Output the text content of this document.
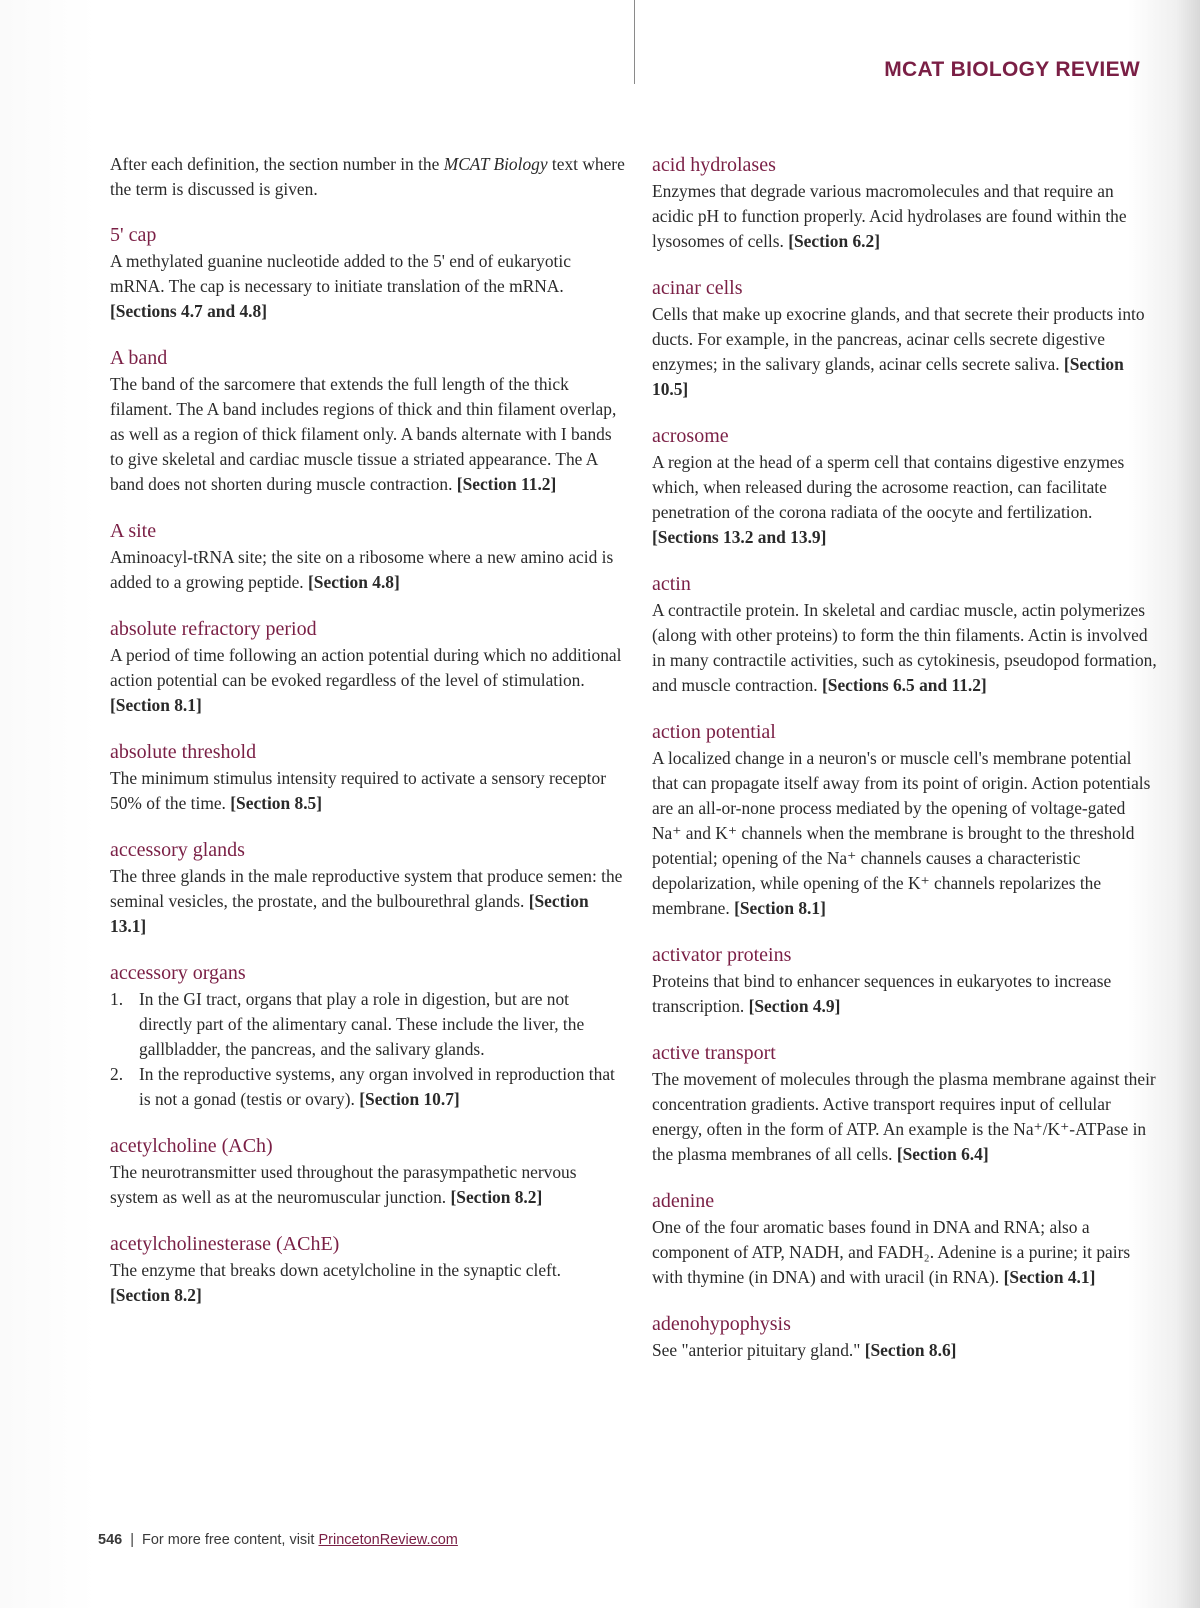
MCAT BIOLOGY REVIEW

After each definition, the section number in the MCAT Biology text where the term is discussed is given.

5' cap

A methylated guanine nucleotide added to the 5' end of eukaryotic mRNA. The cap is necessary to initiate translation of the mRNA. [Sections 4.7 and 4.8]

A band

The band of the sarcomere that extends the full length of the thick filament. The A band includes regions of thick and thin filament overlap, as well as a region of thick filament only. A bands alternate with I bands to give skeletal and cardiac muscle tissue a striated appearance. The A band does not shorten during muscle contraction. [Section 11.2]

A site

Aminoacyl-tRNA site; the site on a ribosome where a new amino acid is added to a growing peptide. [Section 4.8]

absolute refractory period

A period of time following an action potential during which no additional action potential can be evoked regardless of the level of stimulation. [Section 8.1]

absolute threshold

The minimum stimulus intensity required to activate a sensory receptor 50% of the time. [Section 8.5]

accessory glands

The three glands in the male reproductive system that produce semen: the seminal vesicles, the prostate, and the bulbourethral glands. [Section 13.1]

accessory organs
1. In the GI tract, organs that play a role in digestion, but are not directly part of the alimentary canal. These include the liver, the gallbladder, the pancreas, and the salivary glands.
2. In the reproductive systems, any organ involved in reproduction that is not a gonad (testis or ovary). [Section 10.7]
acetylcholine (ACh)

The neurotransmitter used throughout the parasympathetic nervous system as well as at the neuromuscular junction. [Section 8.2]

acetylcholinesterase (AChE)

The enzyme that breaks down acetylcholine in the synaptic cleft. [Section 8.2]

acid hydrolases

Enzymes that degrade various macromolecules and that require an acidic pH to function properly. Acid hydrolases are found within the lysosomes of cells. [Section 6.2]

acinar cells

Cells that make up exocrine glands, and that secrete their products into ducts. For example, in the pancreas, acinar cells secrete digestive enzymes; in the salivary glands, acinar cells secrete saliva. [Section 10.5]

acrosome

A region at the head of a sperm cell that contains digestive enzymes which, when released during the acrosome reaction, can facilitate penetration of the corona radiata of the oocyte and fertilization. [Sections 13.2 and 13.9]

actin

A contractile protein. In skeletal and cardiac muscle, actin polymerizes (along with other proteins) to form the thin filaments. Actin is involved in many contractile activities, such as cytokinesis, pseudopod formation, and muscle contraction. [Sections 6.5 and 11.2]

action potential

A localized change in a neuron's or muscle cell's membrane potential that can propagate itself away from its point of origin. Action potentials are an all-or-none process mediated by the opening of voltage-gated Na⁺ and K⁺ channels when the membrane is brought to the threshold potential; opening of the Na⁺ channels causes a characteristic depolarization, while opening of the K⁺ channels repolarizes the membrane. [Section 8.1]

activator proteins

Proteins that bind to enhancer sequences in eukaryotes to increase transcription. [Section 4.9]

active transport

The movement of molecules through the plasma membrane against their concentration gradients. Active transport requires input of cellular energy, often in the form of ATP. An example is the Na⁺/K⁺-ATPase in the plasma membranes of all cells. [Section 6.4]

adenine

One of the four aromatic bases found in DNA and RNA; also a component of ATP, NADH, and FADH₂. Adenine is a purine; it pairs with thymine (in DNA) and with uracil (in RNA). [Section 4.1]

adenohypophysis

See "anterior pituitary gland." [Section 8.6]

546 | For more free content, visit PrincetonReview.com
